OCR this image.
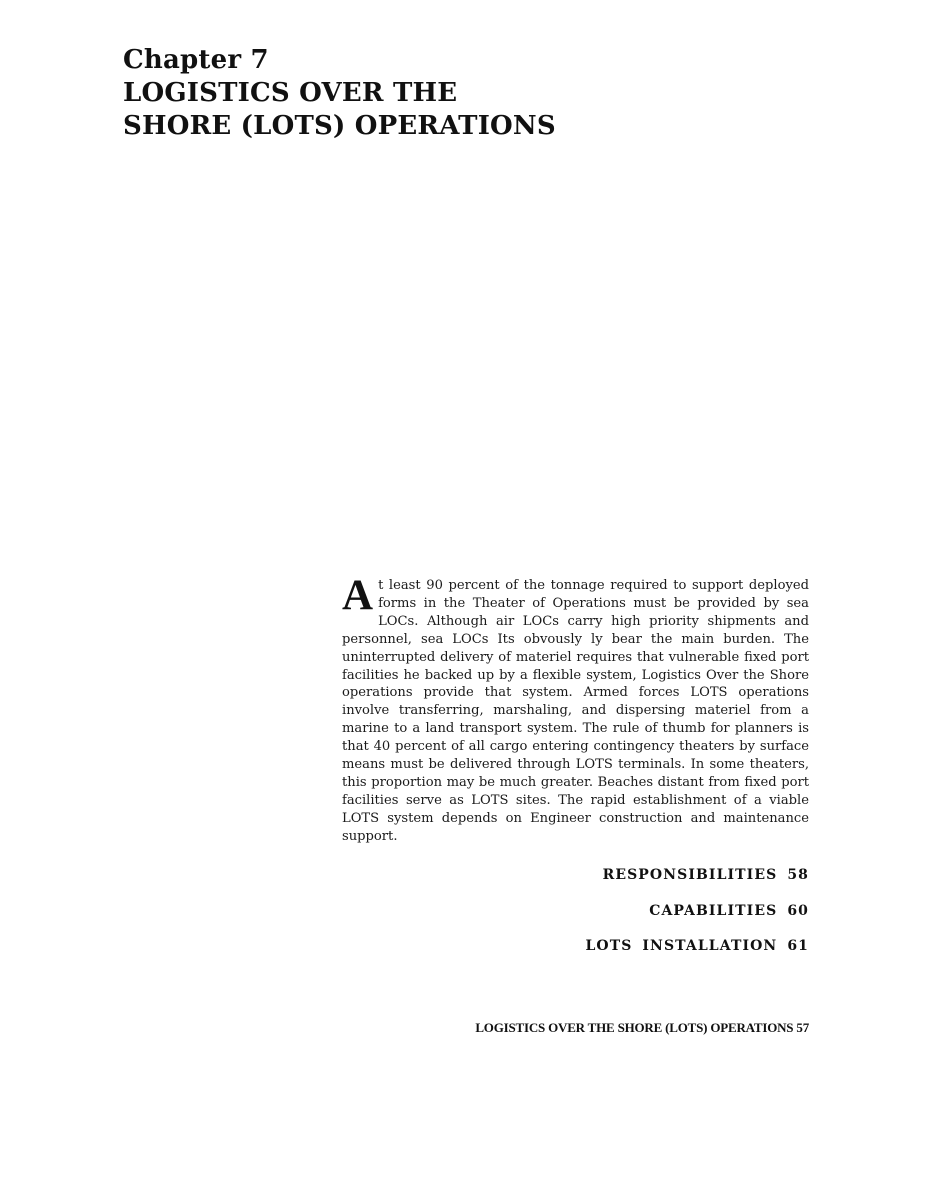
Chapter 7
LOGISTICS OVER THE
SHORE (LOTS) OPERATIONS

At least 90 percent of the tonnage required to support deployed forms in the Theater of Operations must be provided by sea LOCs. Although air LOCs carry high priority shipments and personnel, sea LOCs Its obvously ly bear the main burden. The uninterrupted delivery of materiel requires that vulnerable fixed port facilities he backed up by a flexible system, Logistics Over the Shore operations provide that system. Armed forces LOTS operations involve transferring, marshaling, and dispersing materiel from a marine to a land transport system. The rule of thumb for planners is that 40 percent of all cargo entering contingency theaters by surface means must be delivered through LOTS terminals. In some theaters, this proportion may be much greater. Beaches distant from fixed port facilities serve as LOTS sites. The rapid establishment of a viable LOTS system depends on Engineer construction and maintenance support.

RESPONSIBILITIES 58
CAPABILITIES 60
LOTS INSTALLATION 61
LOGISTICS OVER THE SHORE (LOTS) OPERATIONS 57
